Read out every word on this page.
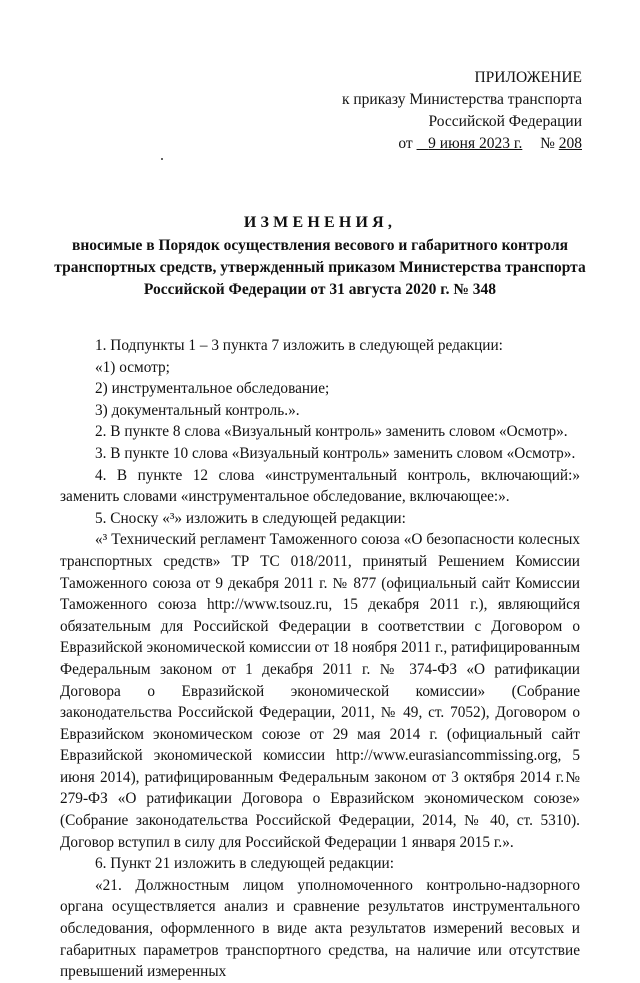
ПРИЛОЖЕНИЕ
к приказу Министерства транспорта
Российской Федерации
от 9 июня 2023 г. № 208
ИЗМЕНЕНИЯ,
вносимые в Порядок осуществления весового и габаритного контроля
транспортных средств, утвержденный приказом Министерства транспорта
Российской Федерации от 31 августа 2020 г. № 348

1. Подпункты 1 – 3 пункта 7 изложить в следующей редакции:

«1) осмотр;

2) инструментальное обследование;

3) документальный контроль.».

2. В пункте 8 слова «Визуальный контроль» заменить словом «Осмотр».

3. В пункте 10 слова «Визуальный контроль» заменить словом «Осмотр».

4. В пункте 12 слова «инструментальный контроль, включающий:» заменить словами «инструментальное обследование, включающее:».

5. Сноску «³» изложить в следующей редакции:

«³ Технический регламент Таможенного союза «О безопасности колесных транспортных средств» ТР ТС 018/2011, принятый Решением Комиссии Таможенного союза от 9 декабря 2011 г. № 877 (официальный сайт Комиссии Таможенного союза http://www.tsouz.ru, 15 декабря 2011 г.), являющийся обязательным для Российской Федерации в соответствии с Договором о Евразийской экономической комиссии от 18 ноября 2011 г., ратифицированным Федеральным законом от 1 декабря 2011 г. № 374-ФЗ «О ратификации Договора о Евразийской экономической комиссии» (Собрание законодательства Российской Федерации, 2011, № 49, ст. 7052), Договором о Евразийском экономическом союзе от 29 мая 2014 г. (официальный сайт Евразийской экономической комиссии http://www.eurasiancommissing.org, 5 июня 2014), ратифицированным Федеральным законом от 3 октября 2014 г.№ 279-ФЗ «О ратификации Договора о Евразийском экономическом союзе» (Собрание законодательства Российской Федерации, 2014, № 40, ст. 5310). Договор вступил в силу для Российской Федерации 1 января 2015 г.».

6. Пункт 21 изложить в следующей редакции:

«21. Должностным лицом уполномоченного контрольно-надзорного органа осуществляется анализ и сравнение результатов инструментального обследования, оформленного в виде акта результатов измерений весовых и габаритных параметров транспортного средства, на наличие или отсутствие превышений измеренных
